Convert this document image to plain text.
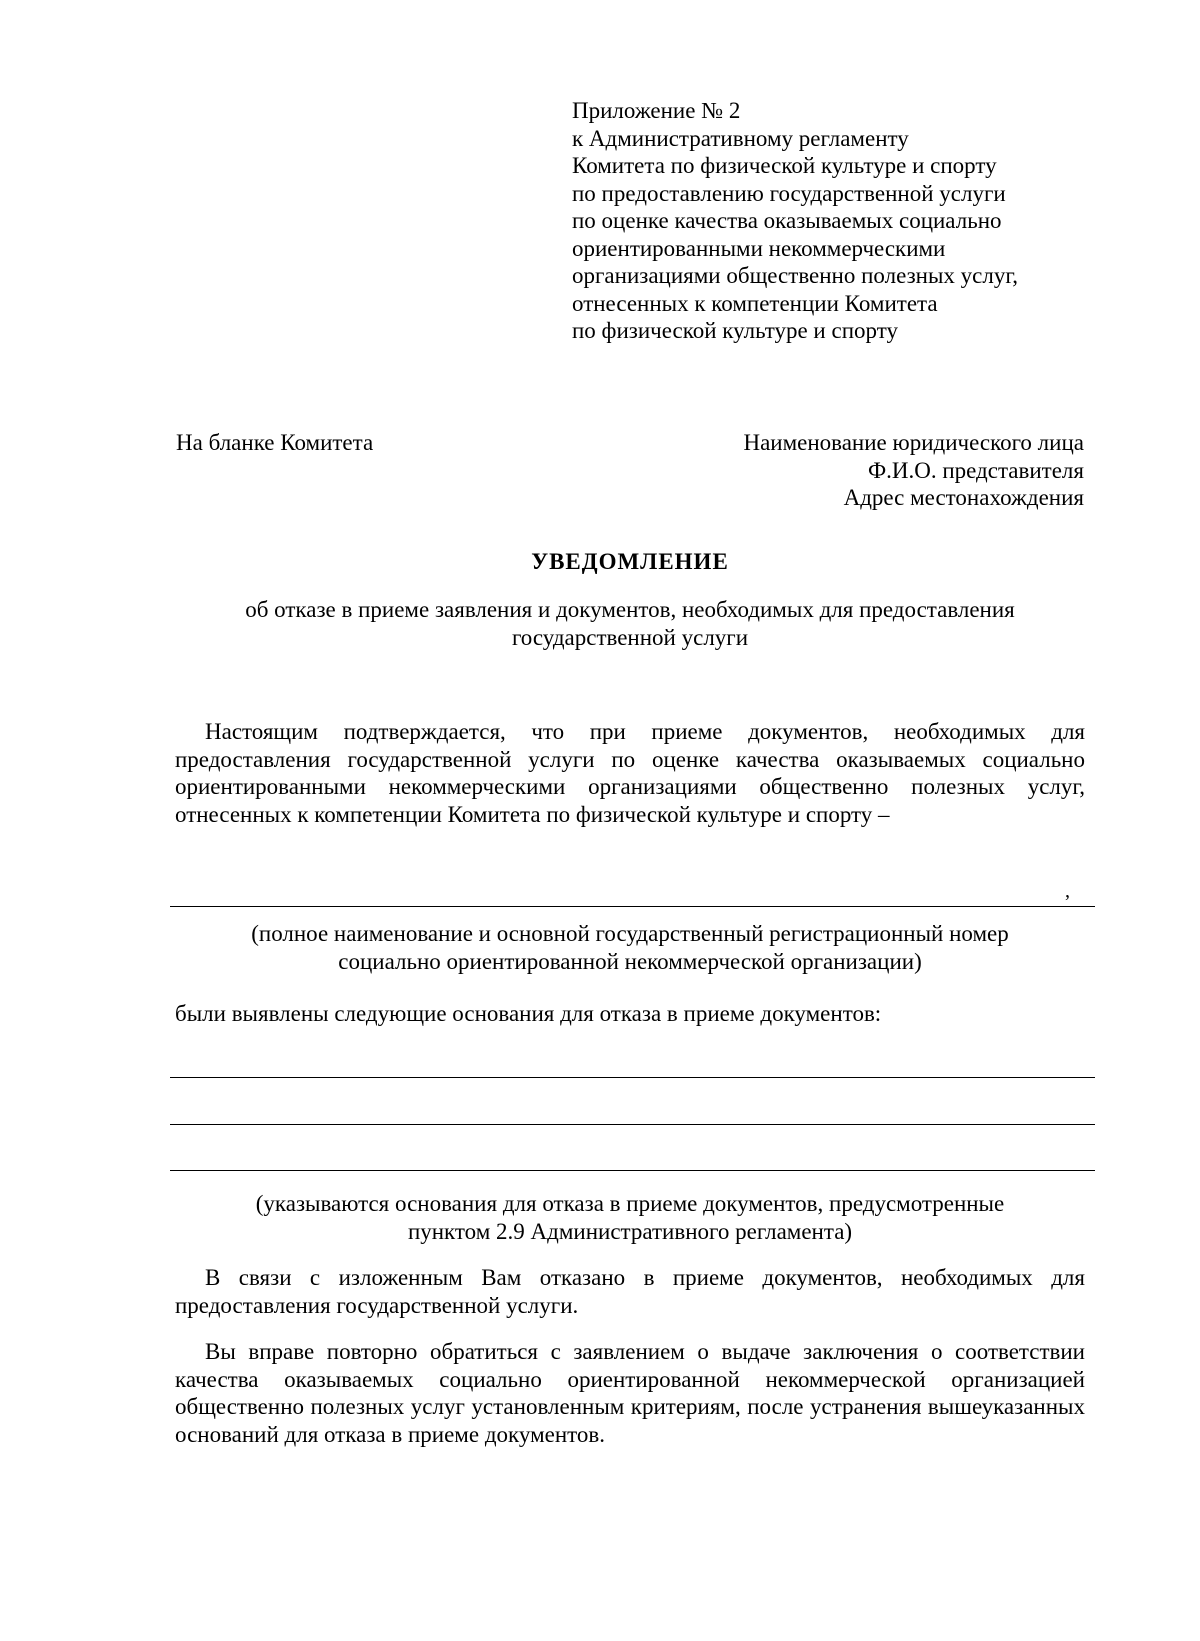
Приложение № 2
к Административному регламенту
Комитета по физической культуре и спорту
по предоставлению государственной услуги
по оценке качества оказываемых социально
ориентированными некоммерческими
организациями общественно полезных услуг,
отнесенных к компетенции Комитета
по физической культуре и спорту
На бланке Комитета	Наименование юридического лица
Ф.И.О. представителя
Адрес местонахождения
УВЕДОМЛЕНИЕ
об отказе в приеме заявления и документов, необходимых для предоставления
государственной услуги
Настоящим подтверждается, что при приеме документов, необходимых для предоставления государственной услуги по оценке качества оказываемых социально ориентированными некоммерческими организациями общественно полезных услуг, отнесенных к компетенции Комитета по физической культуре и спорту –
,
(полное наименование и основной государственный регистрационный номер
социально ориентированной некоммерческой организации)
были выявлены следующие основания для отказа в приеме документов:
(указываются основания для отказа в приеме документов, предусмотренные
пунктом 2.9 Административного регламента)
В связи с изложенным Вам отказано в приеме документов, необходимых для предоставления государственной услуги.
Вы вправе повторно обратиться с заявлением о выдаче заключения о соответствии качества оказываемых социально ориентированной некоммерческой организацией общественно полезных услуг установленным критериям, после устранения вышеуказанных оснований для отказа в приеме документов.
